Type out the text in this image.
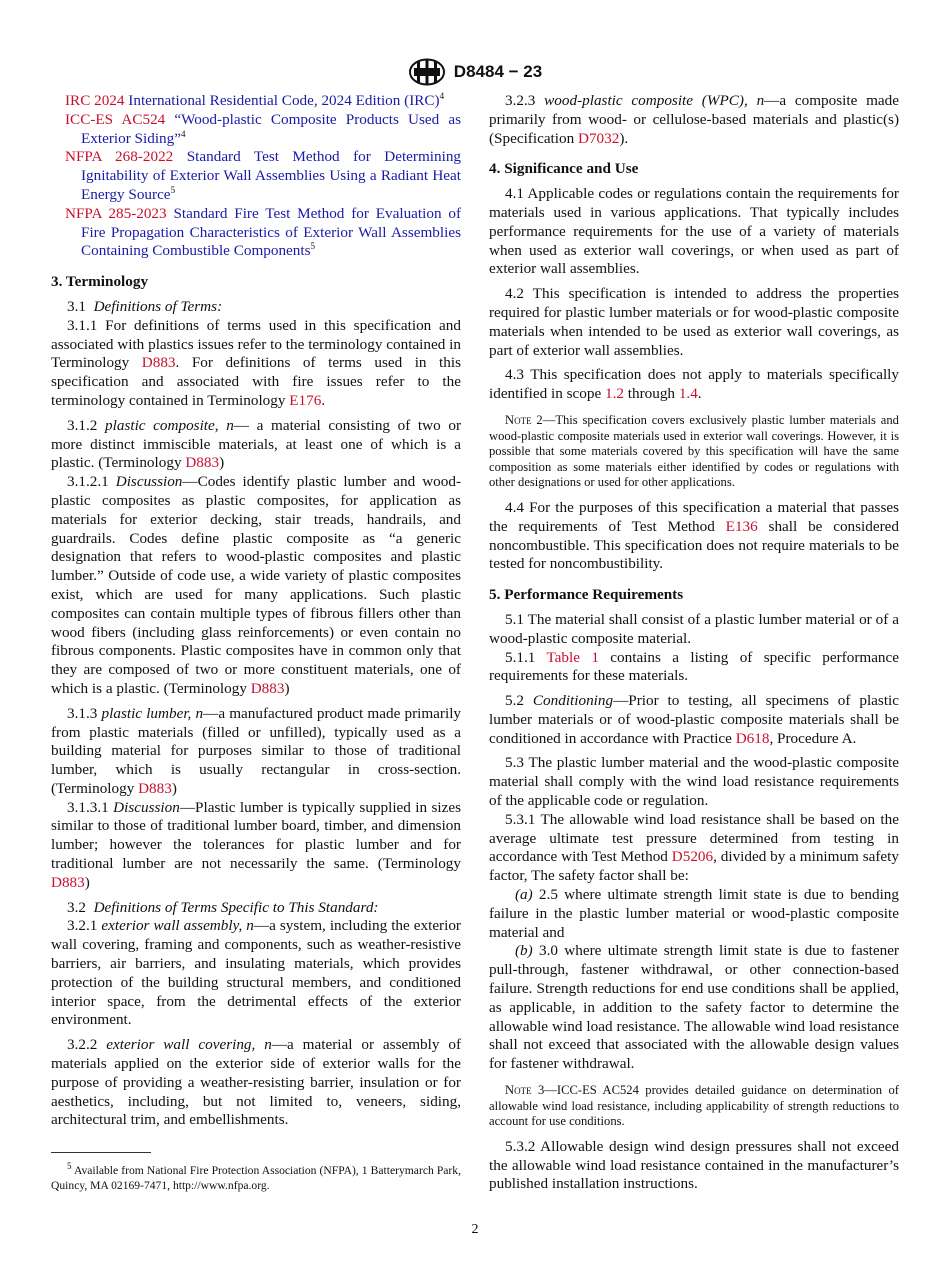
D8484 − 23

IRC 2024 International Residential Code, 2024 Edition (IRC)$^4$

ICC-ES AC524 “Wood-plastic Composite Products Used as Exterior Siding”$^4$

NFPA 268-2022 Standard Test Method for Determining Ignitability of Exterior Wall Assemblies Using a Radiant Heat Energy Source$^5$

NFPA 285-2023 Standard Fire Test Method for Evaluation of Fire Propagation Characteristics of Exterior Wall Assemblies Containing Combustible Components$^5$

3. Terminology

3.1 Definitions of Terms:

3.1.1 For definitions of terms used in this specification and associated with plastics issues refer to the terminology contained in Terminology D883. For definitions of terms used in this specification and associated with fire issues refer to the terminology contained in Terminology E176.

3.1.2 plastic composite, n— a material consisting of two or more distinct immiscible materials, at least one of which is a plastic. (Terminology D883)

3.1.2.1 Discussion—Codes identify plastic lumber and wood-plastic composites as plastic composites, for application as materials for exterior decking, stair treads, handrails, and guardrails. Codes define plastic composite as “a generic designation that refers to wood-plastic composites and plastic lumber.” Outside of code use, a wide variety of plastic composites exist, which are used for many applications. Such plastic composites can contain multiple types of fibrous fillers other than wood fibers (including glass reinforcements) or even contain no fibrous components. Plastic composites have in common only that they are composed of two or more constituent materials, one of which is a plastic. (Terminology D883)

3.1.3 plastic lumber, n—a manufactured product made primarily from plastic materials (filled or unfilled), typically used as a building material for purposes similar to those of traditional lumber, which is usually rectangular in cross-section. (Terminology D883)

3.1.3.1 Discussion—Plastic lumber is typically supplied in sizes similar to those of traditional lumber board, timber, and dimension lumber; however the tolerances for plastic lumber and for traditional lumber are not necessarily the same. (Terminology D883)

3.2 Definitions of Terms Specific to This Standard:

3.2.1 exterior wall assembly, n—a system, including the exterior wall covering, framing and components, such as weather-resistive barriers, air barriers, and insulating materials, which provides protection of the building structural members, and conditioned interior space, from the detrimental effects of the exterior environment.

3.2.2 exterior wall covering, n—a material or assembly of materials applied on the exterior side of exterior walls for the purpose of providing a weather-resisting barrier, insulation or for aesthetics, including, but not limited to, veneers, siding, architectural trim, and embellishments.

3.2.3 wood-plastic composite (WPC), n—a composite made primarily from wood- or cellulose-based materials and plastic(s) (Specification D7032).

4. Significance and Use

4.1 Applicable codes or regulations contain the requirements for materials used in various applications. That typically includes performance requirements for the use of a variety of materials when used as exterior wall coverings, or when used as part of exterior wall assemblies.

4.2 This specification is intended to address the properties required for plastic lumber materials or for wood-plastic composite materials when intended to be used as exterior wall coverings, as part of exterior wall assemblies.

4.3 This specification does not apply to materials specifically identified in scope 1.2 through 1.4.

Note 2—This specification covers exclusively plastic lumber materials and wood-plastic composite materials used in exterior wall coverings. However, it is possible that some materials covered by this specification will have the same composition as some materials either identified by codes or regulations with other designations or used for other applications.

4.4 For the purposes of this specification a material that passes the requirements of Test Method E136 shall be considered noncombustible. This specification does not require materials to be tested for noncombustibility.

5. Performance Requirements

5.1 The material shall consist of a plastic lumber material or of a wood-plastic composite material.

5.1.1 Table 1 contains a listing of specific performance requirements for these materials.

5.2 Conditioning—Prior to testing, all specimens of plastic lumber materials or of wood-plastic composite materials shall be conditioned in accordance with Practice D618, Procedure A.

5.3 The plastic lumber material and the wood-plastic composite material shall comply with the wind load resistance requirements of the applicable code or regulation.

5.3.1 The allowable wind load resistance shall be based on the average ultimate test pressure determined from testing in accordance with Test Method D5206, divided by a minimum safety factor, The safety factor shall be:

(a) 2.5 where ultimate strength limit state is due to bending failure in the plastic lumber material or wood-plastic composite material and

(b) 3.0 where ultimate strength limit state is due to fastener pull-through, fastener withdrawal, or other connection-based failure. Strength reductions for end use conditions shall be applied, as applicable, in addition to the safety factor to determine the allowable wind load resistance. The allowable wind load resistance shall not exceed that associated with the allowable design values for fastener withdrawal.

Note 3—ICC-ES AC524 provides detailed guidance on determination of allowable wind load resistance, including applicability of strength reductions to account for use conditions.

5.3.2 Allowable design wind design pressures shall not exceed the allowable wind load resistance contained in the manufacturer’s published installation instructions.

$^5$ Available from National Fire Protection Association (NFPA), 1 Batterymarch Park, Quincy, MA 02169-7471, http://www.nfpa.org.
2
